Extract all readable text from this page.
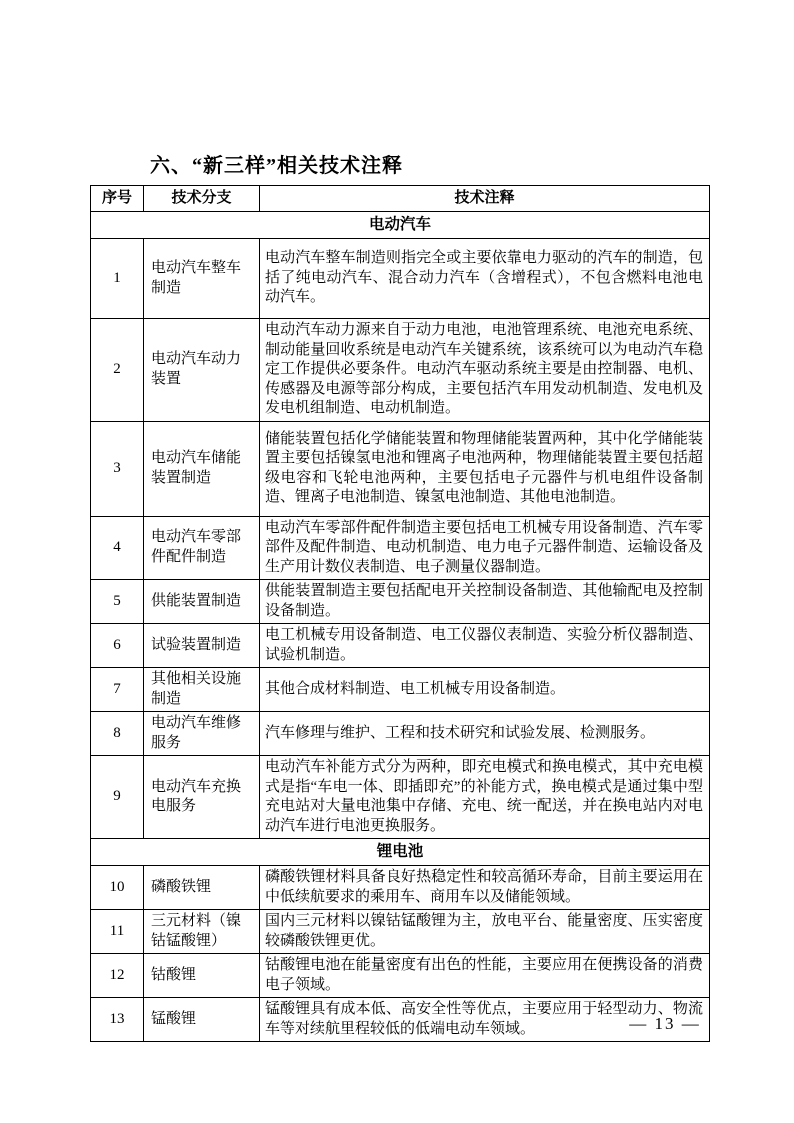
六、“新三样”相关技术注释
序号	技术分支	技术注释
电动汽车		
1	电动汽车整车制造	电动汽车整车制造则指完全或主要依靠电力驱动的汽车的制造，包括了纯电动汽车、混合动力汽车（含增程式），不包含燃料电池电动汽车。
2	电动汽车动力装置	电动汽车动力源来自于动力电池，电池管理系统、电池充电系统、制动能量回收系统是电动汽车关键系统，该系统可以为电动汽车稳定工作提供必要条件。电动汽车驱动系统主要是由控制器、电机、传感器及电源等部分构成，主要包括汽车用发动机制造、发电机及发电机组制造、电动机制造。
3	电动汽车储能装置制造	储能装置包括化学储能装置和物理储能装置两种，其中化学储能装置主要包括镍氢电池和锂离子电池两种，物理储能装置主要包括超级电容和飞轮电池两种，主要包括电子元器件与机电组件设备制造、锂离子电池制造、镍氢电池制造、其他电池制造。
4	电动汽车零部件配件制造	电动汽车零部件配件制造主要包括电工机械专用设备制造、汽车零部件及配件制造、电动机制造、电力电子元器件制造、运输设备及生产用计数仪表制造、电子测量仪器制造。
5	供能装置制造	供能装置制造主要包括配电开关控制设备制造、其他输配电及控制设备制造。
6	试验装置制造	电工机械专用设备制造、电工仪器仪表制造、实验分析仪器制造、试验机制造。
7	其他相关设施制造	其他合成材料制造、电工机械专用设备制造。
8	电动汽车维修服务	汽车修理与维护、工程和技术研究和试验发展、检测服务。
9	电动汽车充换电服务	电动汽车补能方式分为两种，即充电模式和换电模式，其中充电模式是指“车电一体、即插即充”的补能方式，换电模式是通过集中型充电站对大量电池集中存储、充电、统一配送，并在换电站内对电动汽车进行电池更换服务。
锂电池		
10	磷酸铁锂	磷酸铁锂材料具备良好热稳定性和较高循环寿命，目前主要运用在中低续航要求的乘用车、商用车以及储能领域。
11	三元材料（镍钴锰酸锂）	国内三元材料以镍钴锰酸锂为主，放电平台、能量密度、压实密度较磷酸铁锂更优。
12	钴酸锂	钴酸锂电池在能量密度有出色的性能，主要应用在便携设备的消费电子领域。
13	锰酸锂	锰酸锂具有成本低、高安全性等优点，主要应用于轻型动力、物流车等对续航里程较低的低端电动车领域。	— 13 —
